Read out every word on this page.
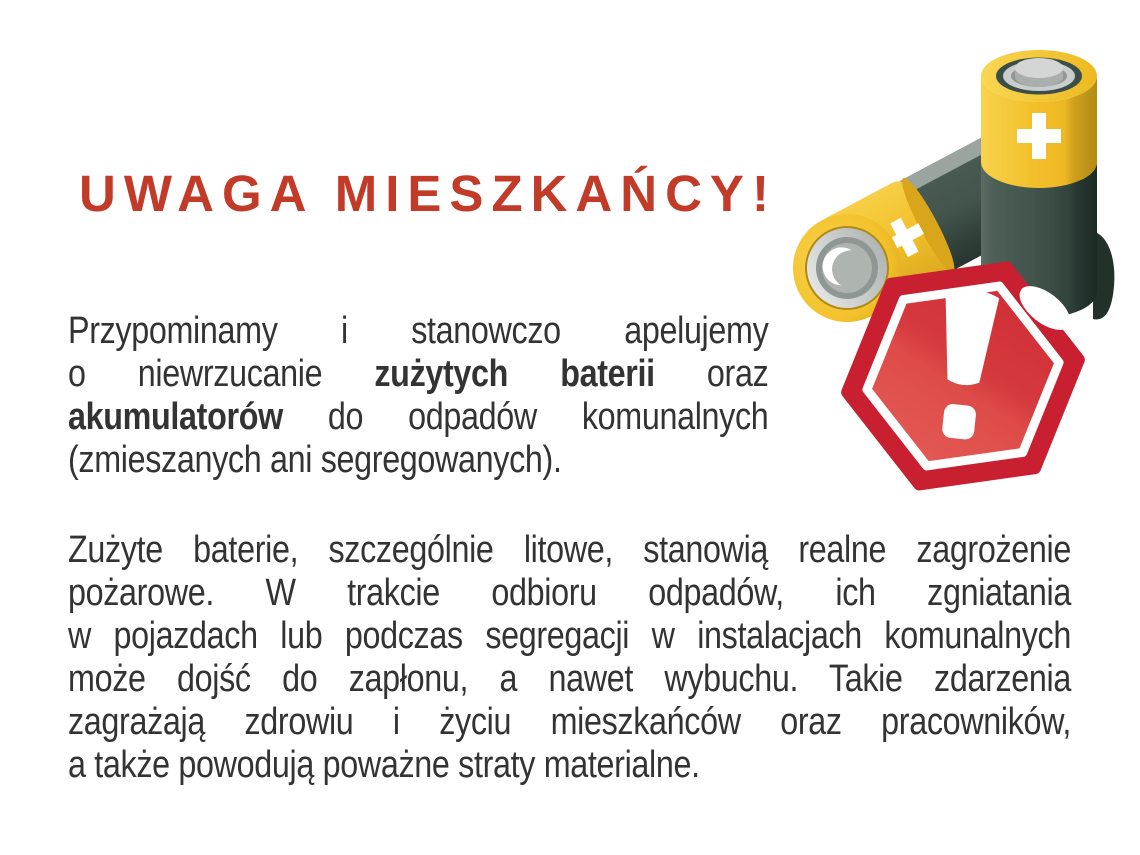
UWAGA MIESZKAŃCY!
Przypominamy i stanowczo apelujemy
o niewrzucanie zużytych baterii oraz
akumulatorów do odpadów komunalnych
(zmieszanych ani segregowanych).
Zużyte baterie, szczególnie litowe, stanowią realne zagrożenie
pożarowe. W trakcie odbioru odpadów, ich zgniatania
w pojazdach lub podczas segregacji w instalacjach komunalnych
może dojść do zapłonu, a nawet wybuchu. Takie zdarzenia
zagrażają zdrowiu i życiu mieszkańców oraz pracowników,
a także powodują poważne straty materialne.
